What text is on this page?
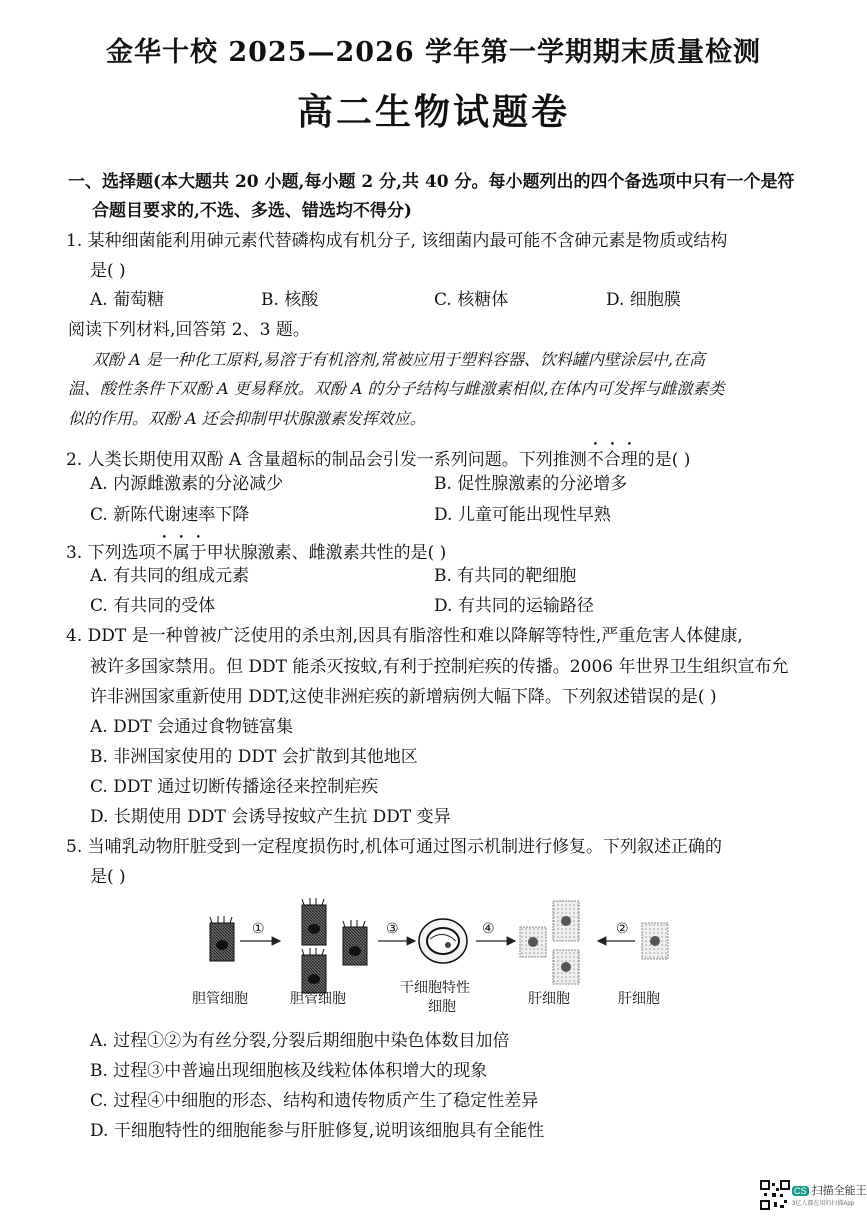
金华十校 2025—2026 学年第一学期期末质量检测
高二生物试题卷
一、选择题(本大题共 20 小题,每小题 2 分,共 40 分。每小题列出的四个备选项中只有一个是符
合题目要求的,不选、多选、错选均不得分)
1. 某种细菌能利用砷元素代替磷构成有机分子, 该细菌内最可能不含砷元素是物质或结构
是( )
A. 葡萄糖	B. 核酸	C. 核糖体	D. 细胞膜
阅读下列材料,回答第 2、3 题。
双酚 A 是一种化工原料,易溶于有机溶剂,常被应用于塑料容器、饮料罐内壁涂层中,在高
温、酸性条件下双酚 A 更易释放。双酚 A 的分子结构与雌激素相似,在体内可发挥与雌激素类
似的作用。双酚 A 还会抑制甲状腺激素发挥效应。
2. 人类长期使用双酚 A 含量超标的制品会引发一系列问题。下列推测不合理的是( )
A. 内源雌激素的分泌减少	B. 促性腺激素的分泌增多
C. 新陈代谢速率下降	D. 儿童可能出现性早熟
3. 下列选项不属于甲状腺激素、雌激素共性的是( )
A. 有共同的组成元素	B. 有共同的靶细胞
C. 有共同的受体	D. 有共同的运输路径
4. DDT 是一种曾被广泛使用的杀虫剂,因具有脂溶性和难以降解等特性,严重危害人体健康,
被许多国家禁用。但 DDT 能杀灭按蚊,有利于控制疟疾的传播。2006 年世界卫生组织宣布允
许非洲国家重新使用 DDT,这使非洲疟疾的新增病例大幅下降。下列叙述错误的是( )
A. DDT 会通过食物链富集
B. 非洲国家使用的 DDT 会扩散到其他地区
C. DDT 通过切断传播途径来控制疟疾
D. 长期使用 DDT 会诱导按蚊产生抗 DDT 变异
5. 当哺乳动物肝脏受到一定程度损伤时,机体可通过图示机制进行修复。下列叙述正确的
是( )
①	③	④	②
胆管细胞	胆管细胞
干细胞特性
细胞	肝细胞	肝细胞
A. 过程①②为有丝分裂,分裂后期细胞中染色体数目加倍
B. 过程③中普遍出现细胞核及线粒体体积增大的现象
C. 过程④中细胞的形态、结构和遗传物质产生了稳定性差异
D. 干细胞特性的细胞能参与肝脏修复,说明该细胞具有全能性
CS 扫描全能王
3亿人都在用的扫描App
